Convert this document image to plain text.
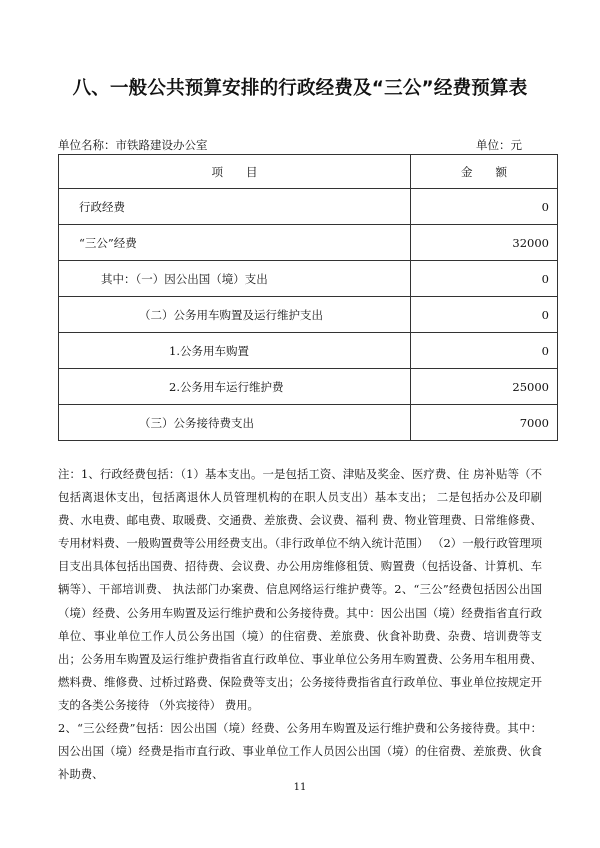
八、一般公共预算安排的行政经费及“三公”经费预算表
单位名称：市铁路建设办公室	单位：元
项　　目	金　　额
行政经费	0
“三公”经费	32000
其中：（一）因公出国（境）支出	0
（二）公务用车购置及运行维护支出	0
1.公务用车购置	0
2.公务用车运行维护费	25000
（三）公务接待费支出	7000

注：1、行政经费包括：（1）基本支出。一是包括工资、津贴及奖金、医疗费、住 房补贴等（不包括离退休支出，包括离退休人员管理机构的在职人员支出）基本支出； 二是包括办公及印刷费、水电费、邮电费、取暖费、交通费、差旅费、会议费、福利 费、物业管理费、日常维修费、专用材料费、一般购置费等公用经费支出。（非行政单位不纳入统计范围） （2）一般行政管理项目支出具体包括出国费、招待费、会议费、办公用房维修租赁、购置费（包括设备、计算机、车辆等）、干部培训费、 执法部门办案费、信息网络运行维护费等。2、“三公”经费包括因公出国（境）经费、公务用车购置及运行维护费和公务接待费。其中：因公出国（境）经费指省直行政单位、事业单位工作人员公务出国（境）的住宿费、差旅费、伙食补助费、杂费、培训费等支出；公务用车购置及运行维护费指省直行政单位、事业单位公务用车购置费、公务用车租用费、燃料费、维修费、过桥过路费、保险费等支出；公务接待费指省直行政单位、事业单位按规定开支的各类公务接待 （外宾接待） 费用。

2、“三公经费”包括：因公出国（境）经费、公务用车购置及运行维护费和公务接待费。其中：因公出国（境）经费是指市直行政、事业单位工作人员因公出国（境）的住宿费、差旅费、伙食补助费、

11
